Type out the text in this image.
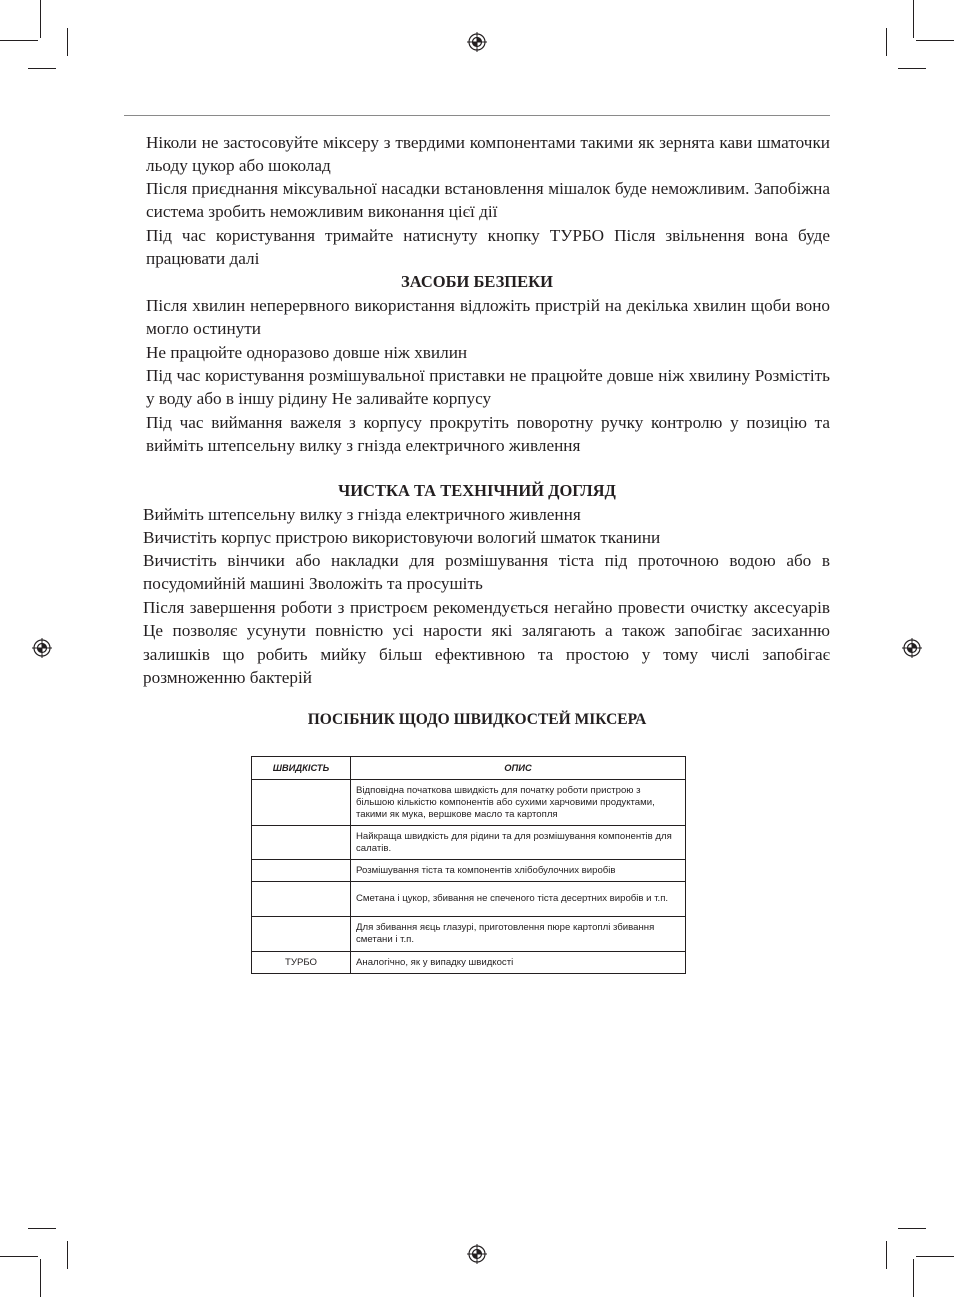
Ніколи не застосовуйте міксеру з твердими компонентами такими як зернята кави шматочки льоду цукор або шоколад
Після приєднання міксувальної насадки встановлення мішалок буде неможливим. Запобіжна система зробить неможливим виконання цієї дії
Під час користування тримайте натиснуту кнопку ТУРБО Після звільнення вона буде працювати далі
ЗАСОБИ БЕЗПЕКИ
Після хвилин неперервного використання відложіть пристрій на декілька хвилин щоби воно могло остинути
Не працюйте одноразово довше ніж хвилин
Під час користування розмішувальної приставки не працюйте довше ніж хвилину Розмістіть у воду або в іншу рідину Не заливайте корпусу
Під час виймання важеля з корпусу прокрутіть поворотну ручку контролю у позицію та вийміть штепсельну вилку з гнізда електричного живлення
ЧИСТКА ТА ТЕХНІЧНИЙ ДОГЛЯД
Вийміть штепсельну вилку з гнізда електричного живлення
Вичистіть корпус пристрою використовуючи вологий шматок тканини
Вичистіть вінчики або накладки для розмішування тіста під проточною водою або в посудомийній машині Зволожіть та просушіть
Після завершення роботи з пристроєм рекомендується негайно провести очистку аксесуарів Це позволяє усунути повністю усі нарости які залягають а також запобігає засиханню залишків що робить мийку більш ефективною та простою у тому числі запобігає розмноженню бактерій
ПОСІБНИК ЩОДО ШВИДКОСТЕЙ МІКСЕРА
ШВИДКІСТЬ	ОПИС
	Відповідна початкова швидкість для початку роботи пристрою з більшою кількістю компонентів або сухими харчовими продуктами, такими як мука, вершкове масло та картопля
	Найкраща швидкість для рідини та для розмішування компонентів для салатів.
	Розмішування тіста та компонентів хлібобулочних виробів
	Сметана і цукор, збивання не спеченого тіста десертних виробів и т.п.
	Для збивання яєць глазурі, приготовлення пюре картоплі збивання сметани і т.п.
ТУРБО	Аналогічно, як у випадку швидкості
